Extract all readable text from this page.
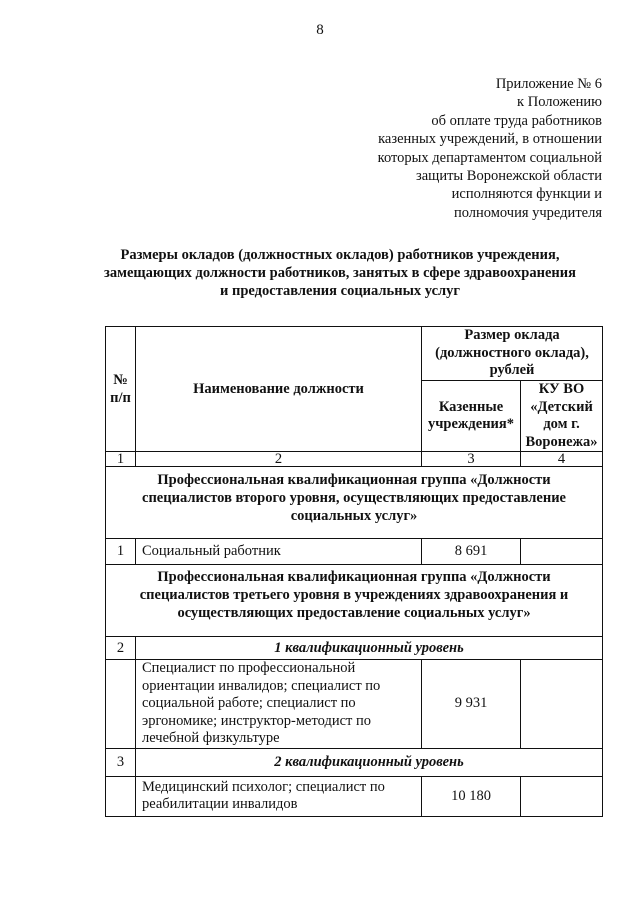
8
Приложение № 6
к Положению
об оплате труда работников
казенных учреждений, в отношении
которых департаментом социальной
защиты Воронежской области
исполняются функции и
полномочия учредителя
Размеры окладов (должностных окладов) работников учреждения,
замещающих должности работников, занятых в сфере здравоохранения
и предоставления социальных услуг
№ п/п	Наименование должности	Размер оклада (должностного оклада), рублей	
		Казенные учреждения*	КУ ВО «Детский дом г. Воронежа»
1	2	3	4
Профессиональная квалификационная группа «Должности специалистов второго уровня, осуществляющих предоставление социальных услуг»			
1	Социальный работник	8 691	
Профессиональная квалификационная группа «Должности специалистов третьего уровня в учреждениях здравоохранения и осуществляющих предоставление социальных услуг»			
2	1 квалификационный уровень		
	Специалист по профессиональной ориентации инвалидов; специалист по социальной работе; специалист по эргономике; инструктор-методист по лечебной физкультуре	9 931	
3	2 квалификационный уровень		
	Медицинский психолог; специалист по реабилитации инвалидов	10 180	
